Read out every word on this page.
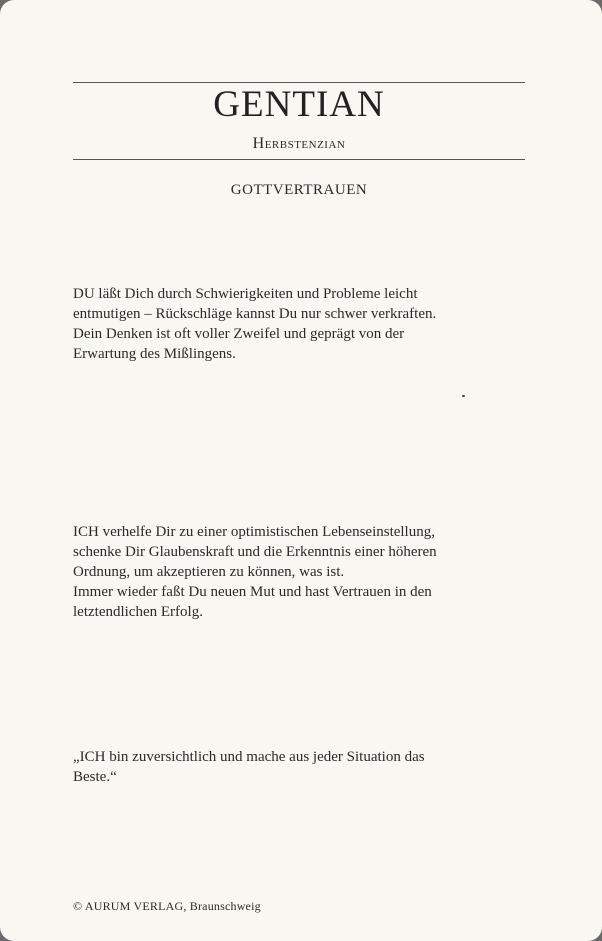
GENTIAN
Herbstenzian
GOTTVERTRAUEN
DU läßt Dich durch Schwierigkeiten und Probleme leicht
entmutigen – Rückschläge kannst Du nur schwer verkraften.
Dein Denken ist oft voller Zweifel und geprägt von der
Erwartung des Mißlingens.
ICH verhelfe Dir zu einer optimistischen Lebenseinstellung,
schenke Dir Glaubenskraft und die Erkenntnis einer höheren
Ordnung, um akzeptieren zu können, was ist.
Immer wieder faßt Du neuen Mut und hast Vertrauen in den
letztendlichen Erfolg.
„ICH bin zuversichtlich und mache aus jeder Situation das
Beste.“
© AURUM VERLAG, Braunschweig
